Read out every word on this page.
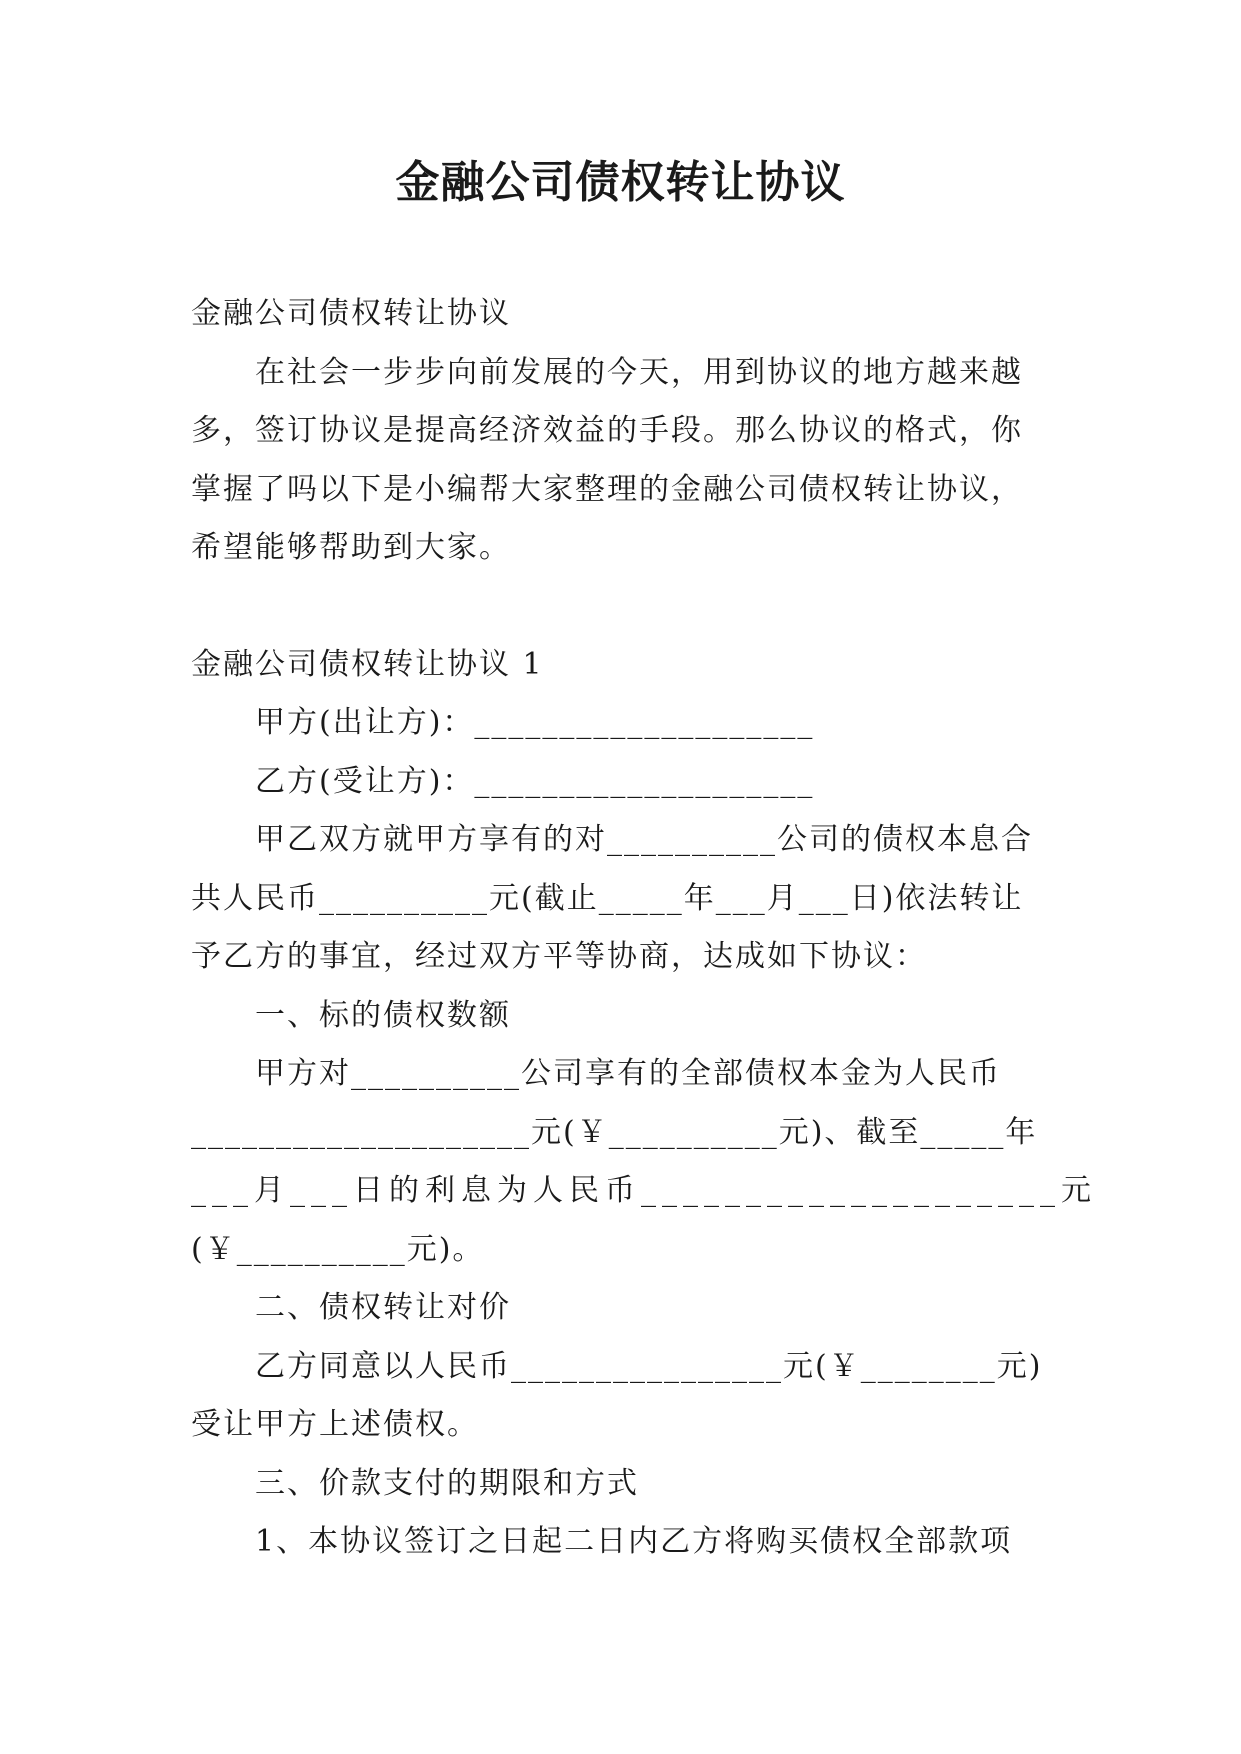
金融公司债权转让协议
金融公司债权转让协议
在社会一步步向前发展的今天，用到协议的地方越来越
多，签订协议是提高经济效益的手段。那么协议的格式，你
掌握了吗以下是小编帮大家整理的金融公司债权转让协议，
希望能够帮助到大家。
金融公司债权转让协议 1
甲方(出让方)：____________________
乙方(受让方)：____________________
甲乙双方就甲方享有的对__________公司的债权本息合
共人民币__________元(截止_____年___月___日)依法转让
予乙方的事宜，经过双方平等协商，达成如下协议：
一、标的债权数额
甲方对__________公司享有的全部债权本金为人民币
____________________元(￥__________元)、截至_____年
___月___日的利息为人民币____________________元
(￥__________元)。
二、债权转让对价
乙方同意以人民币________________元(￥________元)
受让甲方上述债权。
三、价款支付的期限和方式
1、本协议签订之日起二日内乙方将购买债权全部款项
